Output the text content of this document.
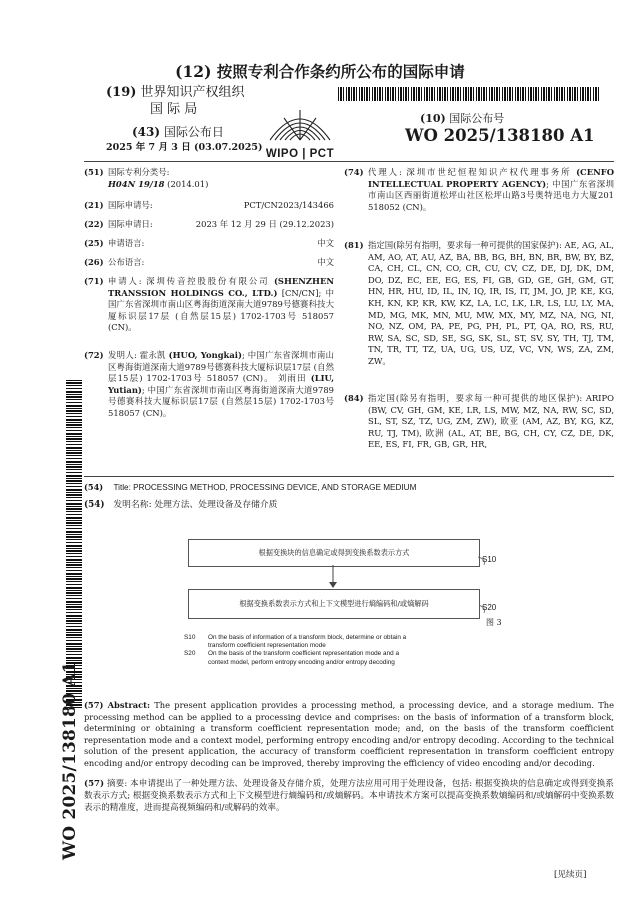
(12) 按照专利合作条约所公布的国际申请
(19) 世界知识产权组织
国 际 局
(43) 国际公布日
2025 年 7 月 3 日 (03.07.2025)
WIPO | PCT
(10) 国际公布号
WO 2025/138180 A1
WO 2025/138180 A1
(51) 国际专利分类号:
H04N 19/18 (2014.01)
(21) 国际申请号:	PCT/CN2023/143466
(22) 国际申请日:	2023 年 12 月 29 日 (29.12.2023)
(25) 申请语言:	中文
(26) 公布语言:	中文
(71) 申请人: 深圳传音控股股份有限公司 (SHENZHEN TRANSSION HOLDINGS CO., LTD.) [CN/CN]; 中国广东省深圳市南山区粤海街道深南大道9789号德赛科技大厦标识层17层 (自然层15层) 1702-1703号 518057 (CN)。
(72) 发明人: 霍永凯 (HUO, Yongkai); 中国广东省深圳市南山区粤海街道深南大道9789号德赛科技大厦标识层17层 (自然层15层) 1702-1703号 518057 (CN)。 刘雨田 (LIU, Yutian); 中国广东省深圳市南山区粤海街道深南大道9789号德赛科技大厦标识层17层 (自然层15层) 1702-1703号 518057 (CN)。
(74) 代理人: 深圳市世纪恒程知识产权代理事务所 (CENFO INTELLECTUAL PROPERTY AGENCY); 中国广东省深圳市南山区西丽街道松坪山社区松坪山路3号奥特迅电力大厦201 518052 (CN)。
(81) 指定国(除另有指明，要求每一种可提供的国家保护): AE, AG, AL, AM, AO, AT, AU, AZ, BA, BB, BG, BH, BN, BR, BW, BY, BZ, CA, CH, CL, CN, CO, CR, CU, CV, CZ, DE, DJ, DK, DM, DO, DZ, EC, EE, EG, ES, FI, GB, GD, GE, GH, GM, GT, HN, HR, HU, ID, IL, IN, IQ, IR, IS, IT, JM, JO, JP, KE, KG, KH, KN, KP, KR, KW, KZ, LA, LC, LK, LR, LS, LU, LY, MA, MD, MG, MK, MN, MU, MW, MX, MY, MZ, NA, NG, NI, NO, NZ, OM, PA, PE, PG, PH, PL, PT, QA, RO, RS, RU, RW, SA, SC, SD, SE, SG, SK, SL, ST, SV, SY, TH, TJ, TM, TN, TR, TT, TZ, UA, UG, US, UZ, VC, VN, WS, ZA, ZM, ZW。
(84) 指定国(除另有指明，要求每一种可提供的地区保护): ARIPO (BW, CV, GH, GM, KE, LR, LS, MW, MZ, NA, RW, SC, SD, SL, ST, SZ, TZ, UG, ZM, ZW), 欧亚 (AM, AZ, BY, KG, KZ, RU, TJ, TM), 欧洲 (AL, AT, BE, BG, CH, CY, CZ, DE, DK, EE, ES, FI, FR, GB, GR, HR,
(54) Title: PROCESSING METHOD, PROCESSING DEVICE, AND STORAGE MEDIUM
(54) 发明名称: 处理方法、处理设备及存储介质
根据变换块的信息确定或得到变换系数表示方式
S10
根据变换系数表示方式和上下文模型进行熵编码和/或熵解码	S20
图 3
S10	On the basis of information of a transform block, determine or obtain a transform coefficient representation mode
S20	On the basis of the transform coefficient representation mode and a context model, perform entropy encoding and/or entropy decoding
(57) Abstract: The present application provides a processing method, a processing device, and a storage medium. The processing method can be applied to a processing device and comprises: on the basis of information of a transform block, determining or obtaining a transform coefficient representation mode; and, on the basis of the transform coefficient representation mode and a context model, performing entropy encoding and/or entropy decoding. According to the technical solution of the present application, the accuracy of transform coefficient representation in transform coefficient entropy encoding and/or entropy decoding can be improved, thereby improving the efficiency of video encoding and/or decoding.
(57) 摘要: 本申请提出了一种处理方法、处理设备及存储介质，处理方法应用可用于处理设备，包括: 根据变换块的信息确定或得到变换系数表示方式; 根据变换系数表示方式和上下文模型进行熵编码和/或熵解码。本申请技术方案可以提高变换系数熵编码和/或熵解码中变换系数表示的精准度，进而提高视频编码和/或解码的效率。
[见续页]
